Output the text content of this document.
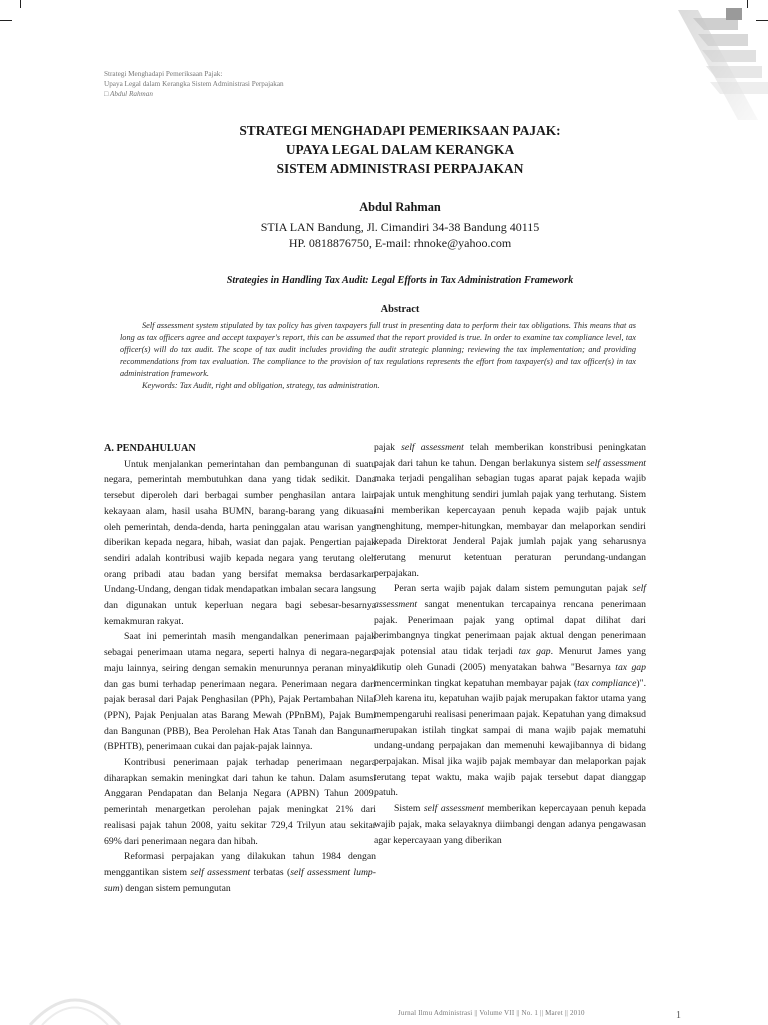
Strategi Menghadapi Pemeriksaan Pajak:
Upaya Legal dalam Kerangka Sistem Administrasi Perpajakan
□ Abdul Rahman
STRATEGI MENGHADAPI PEMERIKSAAN PAJAK:
UPAYA LEGAL DALAM KERANGKA
SISTEM ADMINISTRASI PERPAJAKAN
Abdul Rahman
STIA LAN Bandung, Jl. Cimandiri 34-38 Bandung 40115
HP. 0818876750, E-mail: rhnoke@yahoo.com
Strategies in Handling Tax Audit: Legal Efforts in Tax Administration Framework
Abstract

Self assessment system stipulated by tax policy has given taxpayers full trust in presenting data to perform their tax obligations. This means that as long as tax officers agree and accept taxpayer's report, this can be assumed that the report provided is true. In order to examine tax compliance level, tax officer(s) will do tax audit. The scope of tax audit includes providing the audit strategic planning; reviewing the tax implementation; and providing recommendations from tax evaluation. The compliance to the provision of tax regulations represents the effort from taxpayer(s) and tax officer(s) in tax administration framework.

Keywords: Tax Audit, right and obligation, strategy, tas administration.

A. PENDAHULUAN

Untuk menjalankan pemerintahan dan pembangunan di suatu negara, pemerintah membutuhkan dana yang tidak sedikit. Dana tersebut diperoleh dari berbagai sumber penghasilan antara lain kekayaan alam, hasil usaha BUMN, barang-barang yang dikuasai oleh pemerintah, denda-denda, harta peninggalan atau warisan yang diberikan kepada negara, hibah, wasiat dan pajak. Pengertian pajak sendiri adalah kontribusi wajib kepada negara yang terutang oleh orang pribadi atau badan yang bersifat memaksa berdasarkan Undang-Undang, dengan tidak mendapatkan imbalan secara langsung dan digunakan untuk keperluan negara bagi sebesar-besarnya kemakmuran rakyat.

Saat ini pemerintah masih mengandalkan penerimaan pajak sebagai penerimaan utama negara, seperti halnya di negara-negara maju lainnya, seiring dengan semakin menurunnya peranan minyak dan gas bumi terhadap penerimaan negara. Penerimaan negara dari pajak berasal dari Pajak Penghasilan (PPh), Pajak Pertambahan Nilai (PPN), Pajak Penjualan atas Barang Mewah (PPnBM), Pajak Bumi dan Bangunan (PBB), Bea Perolehan Hak Atas Tanah dan Bangunan (BPHTB), penerimaan cukai dan pajak-pajak lainnya.

Kontribusi penerimaan pajak terhadap penerimaan negara diharapkan semakin meningkat dari tahun ke tahun. Dalam asumsi Anggaran Pendapatan dan Belanja Negara (APBN) Tahun 2009, pemerintah menargetkan perolehan pajak meningkat 21% dari realisasi pajak tahun 2008, yaitu sekitar 729,4 Trilyun atau sekitar 69% dari penerimaan negara dan hibah.

Reformasi perpajakan yang dilakukan tahun 1984 dengan menggantikan sistem self assessment terbatas (self assessment lump-sum) dengan sistem pemungutan

pajak self assessment telah memberikan konstribusi peningkatan pajak dari tahun ke tahun. Dengan berlakunya sistem self assessment maka terjadi pengalihan sebagian tugas aparat pajak kepada wajib pajak untuk menghitung sendiri jumlah pajak yang terhutang. Sistem ini memberikan kepercayaan penuh kepada wajib pajak untuk menghitung, memper-hitungkan, membayar dan melaporkan sendiri kepada Direktorat Jenderal Pajak jumlah pajak yang seharusnya terutang menurut ketentuan peraturan perundang-undangan perpajakan.

Peran serta wajib pajak dalam sistem pemungutan pajak self assessment sangat menentukan tercapainya rencana penerimaan pajak. Penerimaan pajak yang optimal dapat dilihat dari berimbangnya tingkat penerimaan pajak aktual dengan penerimaan pajak potensial atau tidak terjadi tax gap. Menurut James yang dikutip oleh Gunadi (2005) menyatakan bahwa "Besarnya tax gap mencerminkan tingkat kepatuhan membayar pajak (tax compliance)". Oleh karena itu, kepatuhan wajib pajak merupakan faktor utama yang mempengaruhi realisasi penerimaan pajak. Kepatuhan yang dimaksud merupakan istilah tingkat sampai di mana wajib pajak mematuhi undang-undang perpajakan dan memenuhi kewajibannya di bidang perpajakan. Misal jika wajib pajak membayar dan melaporkan pajak terutang tepat waktu, maka wajib pajak tersebut dapat dianggap patuh.

Sistem self assessment memberikan kepercayaan penuh kepada wajib pajak, maka selayaknya diimbangi dengan adanya pengawasan agar kepercayaan yang diberikan

Jurnal Ilmu Administrasi || Volume VII || No. 1 || Maret || 2010	1
